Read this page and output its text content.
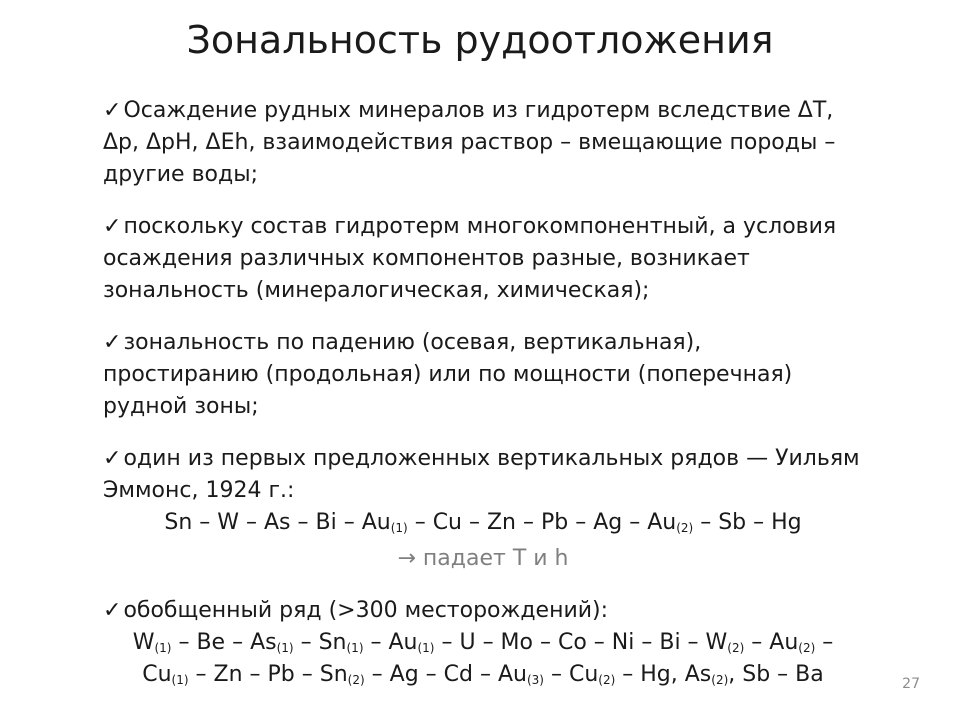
Зональность рудоотложения

✓Осаждение рудных минералов из гидротерм вследствие ΔT, Δp, ΔpH, ΔEh, взаимодействия раствор – вмещающие породы – другие воды;

✓поскольку состав гидротерм многокомпонентный, а условия осаждения различных компонентов разные, возникает зональность (минералогическая, химическая);

✓зональность по падению (осевая, вертикальная), простиранию (продольная) или по мощности (поперечная) рудной зоны;

✓один из первых предложенных вертикальных рядов — Уильям Эммонс, 1924 г.:

Sn – W – As – Bi – $Au_{(1)}$ – Cu – Zn – Pb – Ag – $Au_{(2)}$ – Sb – Hg

→ падает T и h

✓обобщенный ряд (>300 месторождений):

$W_{(1)}$ – Be – $As_{(1)} - Sn_{(1)} - Au_{(1)}$ – U – Mo – Co – Ni – Bi – $W_{(2)} - Au_{(2)}$ –

$Cu_{(1)}$ – Zn – Pb – $Sn_{(2)}$ – Ag – Cd – $Au_{(3)} - Cu_{(2)}$ – Hg, $As_{(2)}$, Sb – Ba	27
